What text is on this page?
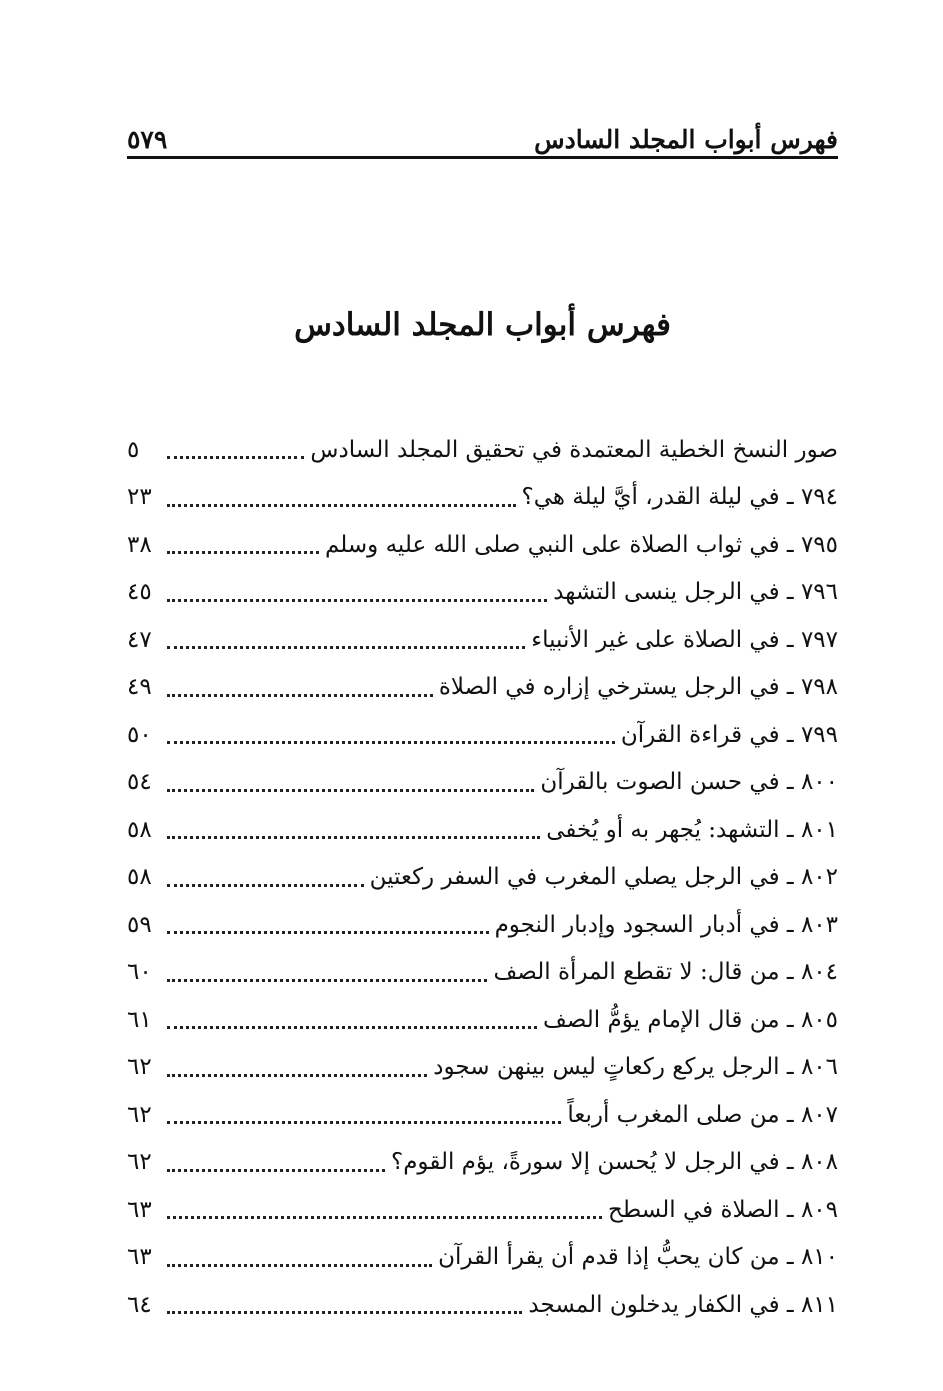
فهرس أبواب المجلد السادس
٥٧٩
فهرس أبواب المجلد السادس
صور النسخ الخطية المعتمدة في تحقيق المجلد السادس
٥
٧٩٤ ـ في ليلة القدر، أيَّ ليلة هي؟
٢٣
٧٩٥ ـ في ثواب الصلاة على النبي صلى الله عليه وسلم
٣٨
٧٩٦ ـ في الرجل ينسى التشهد
٤٥
٧٩٧ ـ في الصلاة على غير الأنبياء
٤٧
٧٩٨ ـ في الرجل يسترخي إزاره في الصلاة
٤٩
٧٩٩ ـ في قراءة القرآن
٥٠
٨٠٠ ـ في حسن الصوت بالقرآن
٥٤
٨٠١ ـ التشهد: يُجهر به أو يُخفى
٥٨
٨٠٢ ـ في الرجل يصلي المغرب في السفر ركعتين
٥٨
٨٠٣ ـ في أدبار السجود وإدبار النجوم
٥٩
٨٠٤ ـ من قال: لا تقطع المرأة الصف
٦٠
٨٠٥ ـ من قال الإمام يؤمُّ الصف
٦١
٨٠٦ ـ الرجل يركع ركعاتٍ ليس بينهن سجود
٦٢
٨٠٧ ـ من صلى المغرب أربعاً
٦٢
٨٠٨ ـ في الرجل لا يُحسن إلا سورةً، يؤم القوم؟
٦٢
٨٠٩ ـ الصلاة في السطح
٦٣
٨١٠ ـ من كان يحبُّ إذا قدم أن يقرأ القرآن
٦٣
٨١١ ـ في الكفار يدخلون المسجد
٦٤
